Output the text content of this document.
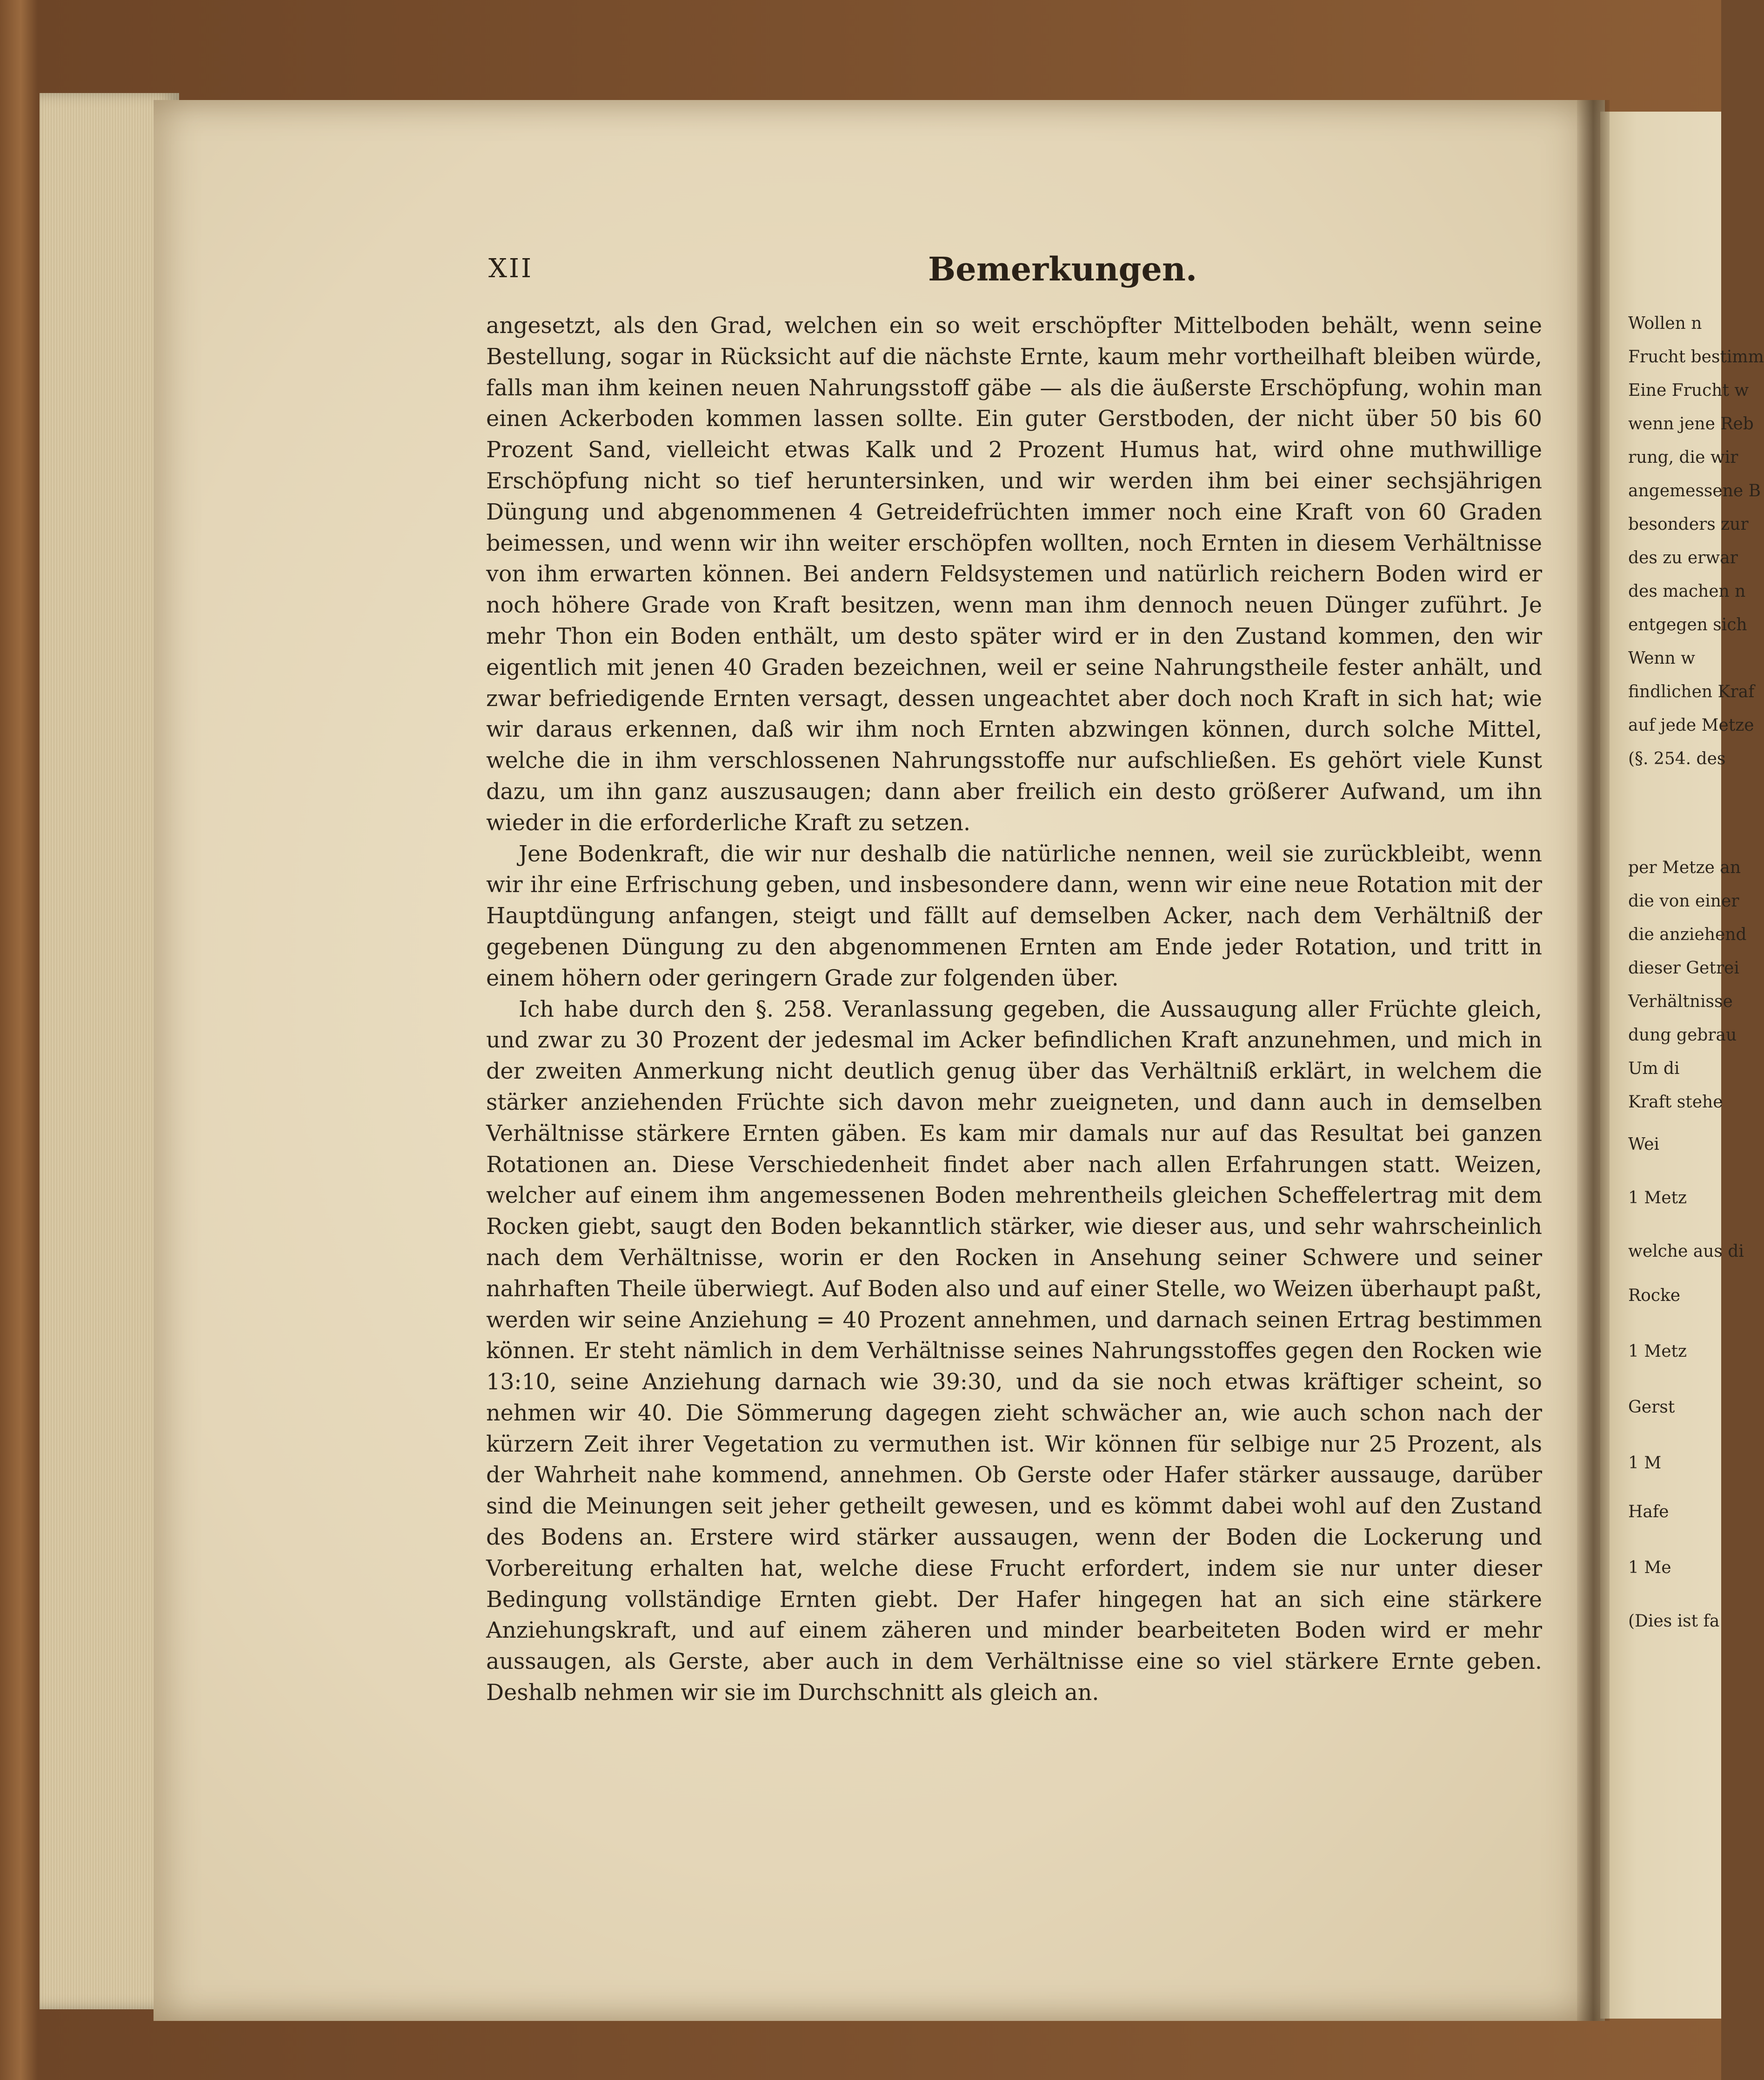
XII	Bemerkungen.

angesetzt, als den Grad, welchen ein so weit erschöpfter Mittelboden behält, wenn seine Bestellung, sogar in Rücksicht auf die nächste Ernte, kaum mehr vortheilhaft bleiben würde, falls man ihm keinen neuen Nahrungsstoff gäbe — als die äußerste Erschöpfung, wohin man einen Ackerboden kommen lassen sollte. Ein guter Gerstboden, der nicht über 50 bis 60 Prozent Sand, vielleicht etwas Kalk und 2 Prozent Humus hat, wird ohne muthwillige Erschöpfung nicht so tief heruntersinken, und wir werden ihm bei einer sechsjährigen Düngung und abgenommenen 4 Getreidefrüchten immer noch eine Kraft von 60 Graden beimessen, und wenn wir ihn weiter erschöpfen wollten, noch Ernten in diesem Verhältnisse von ihm erwarten können. Bei andern Feldsystemen und natürlich reichern Boden wird er noch höhere Grade von Kraft besitzen, wenn man ihm dennoch neuen Dünger zuführt. Je mehr Thon ein Boden enthält, um desto später wird er in den Zustand kommen, den wir eigentlich mit jenen 40 Graden bezeichnen, weil er seine Nahrungstheile fester anhält, und zwar befriedigende Ernten versagt, dessen ungeachtet aber doch noch Kraft in sich hat; wie wir daraus erkennen, daß wir ihm noch Ernten abzwingen können, durch solche Mittel, welche die in ihm verschlossenen Nahrungsstoffe nur aufschließen. Es gehört viele Kunst dazu, um ihn ganz auszusaugen; dann aber freilich ein desto größerer Aufwand, um ihn wieder in die erforderliche Kraft zu setzen.

Jene Bodenkraft, die wir nur deshalb die natürliche nennen, weil sie zurückbleibt, wenn wir ihr eine Erfrischung geben, und insbesondere dann, wenn wir eine neue Rotation mit der Hauptdüngung anfangen, steigt und fällt auf demselben Acker, nach dem Verhältniß der gegebenen Düngung zu den abgenommenen Ernten am Ende jeder Rotation, und tritt in einem höhern oder geringern Grade zur folgenden über.

Ich habe durch den §. 258. Veranlassung gegeben, die Aussaugung aller Früchte gleich, und zwar zu 30 Prozent der jedesmal im Acker befindlichen Kraft anzunehmen, und mich in der zweiten Anmerkung nicht deutlich genug über das Verhältniß erklärt, in welchem die stärker anziehenden Früchte sich davon mehr zueigneten, und dann auch in demselben Verhältnisse stärkere Ernten gäben. Es kam mir damals nur auf das Resultat bei ganzen Rotationen an. Diese Verschiedenheit findet aber nach allen Erfahrungen statt. Weizen, welcher auf einem ihm angemessenen Boden mehrentheils gleichen Scheffelertrag mit dem Rocken giebt, saugt den Boden bekanntlich stärker, wie dieser aus, und sehr wahrscheinlich nach dem Verhältnisse, worin er den Rocken in Ansehung seiner Schwere und seiner nahrhaften Theile überwiegt. Auf Boden also und auf einer Stelle, wo Weizen überhaupt paßt, werden wir seine Anziehung = 40 Prozent annehmen, und darnach seinen Ertrag bestimmen können. Er steht nämlich in dem Verhältnisse seines Nahrungsstoffes gegen den Rocken wie 13:10, seine Anziehung darnach wie 39:30, und da sie noch etwas kräftiger scheint, so nehmen wir 40. Die Sömmerung dagegen zieht schwächer an, wie auch schon nach der kürzern Zeit ihrer Vegetation zu vermuthen ist. Wir können für selbige nur 25 Prozent, als der Wahrheit nahe kommend, annehmen. Ob Gerste oder Hafer stärker aussauge, darüber sind die Meinungen seit jeher getheilt gewesen, und es kömmt dabei wohl auf den Zustand des Bodens an. Erstere wird stärker aussaugen, wenn der Boden die Lockerung und Vorbereitung erhalten hat, welche diese Frucht erfordert, indem sie nur unter dieser Bedingung vollständige Ernten giebt. Der Hafer hingegen hat an sich eine stärkere Anziehungskraft, und auf einem zäheren und minder bearbeiteten Boden wird er mehr aussaugen, als Gerste, aber auch in dem Verhältnisse eine so viel stärkere Ernte geben. Deshalb nehmen wir sie im Durchschnitt als gleich an.

Wollen n
Frucht bestimm
Eine Frucht w
wenn jene Reb
rung, die wir
angemessene B
besonders zur
des zu erwar
des machen n
entgegen sich
Wenn w
findlichen Kraf
auf jede Metze
(§. 254. des
per Metze an
die von einer
die anziehend
dieser Getrei
Verhältnisse
dung gebrau
Um di
Kraft stehe
Wei
1 Metz
welche aus di
Rocke
1 Metz
Gerst
1 M
Hafe
1 Me
(Dies ist fa
